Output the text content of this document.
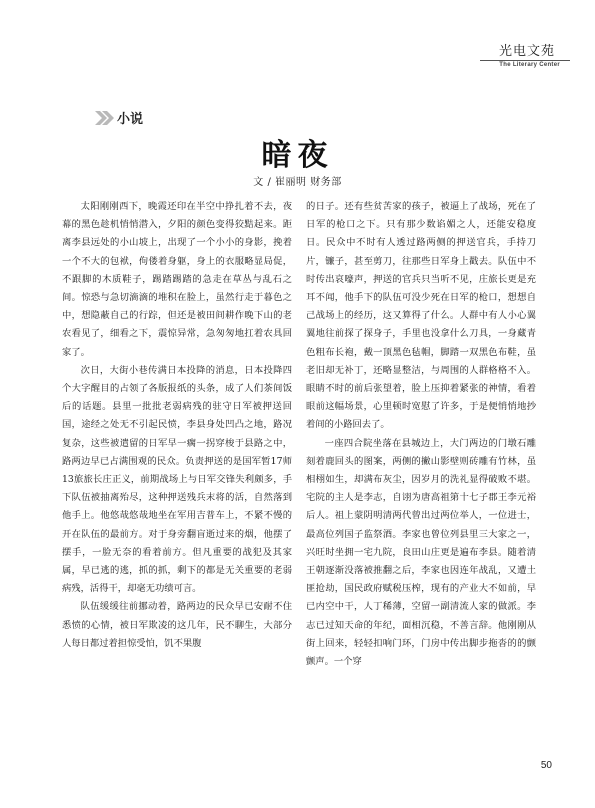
光电文苑
The Literary Center
小说
暗夜
文 / 崔丽明 财务部

太阳刚刚西下，晚霞还印在半空中挣扎着不去，夜幕的黑色趁机悄悄潜入，夕阳的颜色变得狡黠起来。距离李县远处的小山坡上，出现了一个小小的身影，挽着一个不大的包袱，佝偻着身躯，身上的衣服略显局促，不跟脚的木质鞋子，踢踏踢踏的急走在草丛与乱石之间。惊恐与急切滴滴的堆积在脸上，虽然行走于暮色之中，想隐蔽自己的行踪，但还是被田间耕作晚下山的老农看见了，细看之下，震惊异常，急匆匆地扛着农具回家了。

次日，大街小巷传满日本投降的消息，日本投降四个大字醒目的占领了各版报纸的头条，成了人们茶间饭后的话题。县里一批批老弱病残的驻守日军被押送回国，途经之处无不引起民愤，李县身处凹凸之地，路况复杂，这些被遣留的日军早一瘸一拐穿梭于县路之中，路两边早已占满围观的民众。负责押送的是国军暂17师13旅旅长庄正义，前期战场上与日军交锋失利颇多，手下队伍被抽离殆尽，这种押送残兵末将的活，自然落到他手上。他悠哉悠哉地坐在军用吉普车上，不紧不慢的开在队伍的最前方。对于身旁翻盲逝过来的烟，他摆了摆手，一脸无奈的看着前方。但凡重要的战犯及其家属，早已逃的逃，抓的抓，剩下的都是无关重要的老弱病残，活得干，却毫无功绩可言。

队伍缓缓往前挪动着，路两边的民众早已安耐不住悉愤的心情，被日军欺凌的这几年，民不聊生，大部分人每日都过着担惊受怕，饥不果腹

的日子。还有些贫苦家的孩子，被逼上了战场，死在了日军的枪口之下。只有那少数谄媚之人，还能安稳度日。民众中不时有人透过路两侧的押送官兵，手持刀片，镰子，甚至剪刀，往那些日军身上戳去。队伍中不时传出哀嚎声，押送的官兵只当听不见，庄旅长更是充耳不闻，他手下的队伍可没少死在日军的枪口，想想自己战场上的经历，这又算得了什么。人群中有人小心翼翼地往前探了探身子，手里也没拿什么刀具，一身藏青色粗布长袍，戴一顶黑色毡帽，脚踏一双黑色布鞋，虽老旧却无补丁，还略显整洁，与周围的人群格格不入。眼睛不时的前后张望着，脸上压抑着紧张的神情，看着眼前这幅场景，心里顿时宽慰了许多，于是便悄悄地抄着间的小路回去了。

一座四合院坐落在县城边上，大门两边的门墩石雕刻着鹿回头的图案，两侧的撇山影壁则砖雕有竹林，虽相栩如生，却满布灰尘，因岁月的洗礼显得破败不堪。宅院的主人是李志，自诩为唐高祖第十七子郡王李元裕后人。祖上蒙阴明清两代曾出过两位举人，一位进士，最高位列国子监祭酒。李家也曾位列县里三大家之一，兴旺时坐拥一宅九院，良田山庄更是遍布李县。随着清王朝逐渐没落被推翻之后，李家也因连年战乱，又遭土匪抢劫，国民政府赋税压榨，现有的产业大不如前，早已内空中干，人丁稀薄，空留一副清流人家的做派。李志已过知天命的年纪，面相沉稳，不善言辞。他刚刚从街上回来，轻轻扣响门环，门房中传出脚步拖沓的的颤颤声。一个穿

50
